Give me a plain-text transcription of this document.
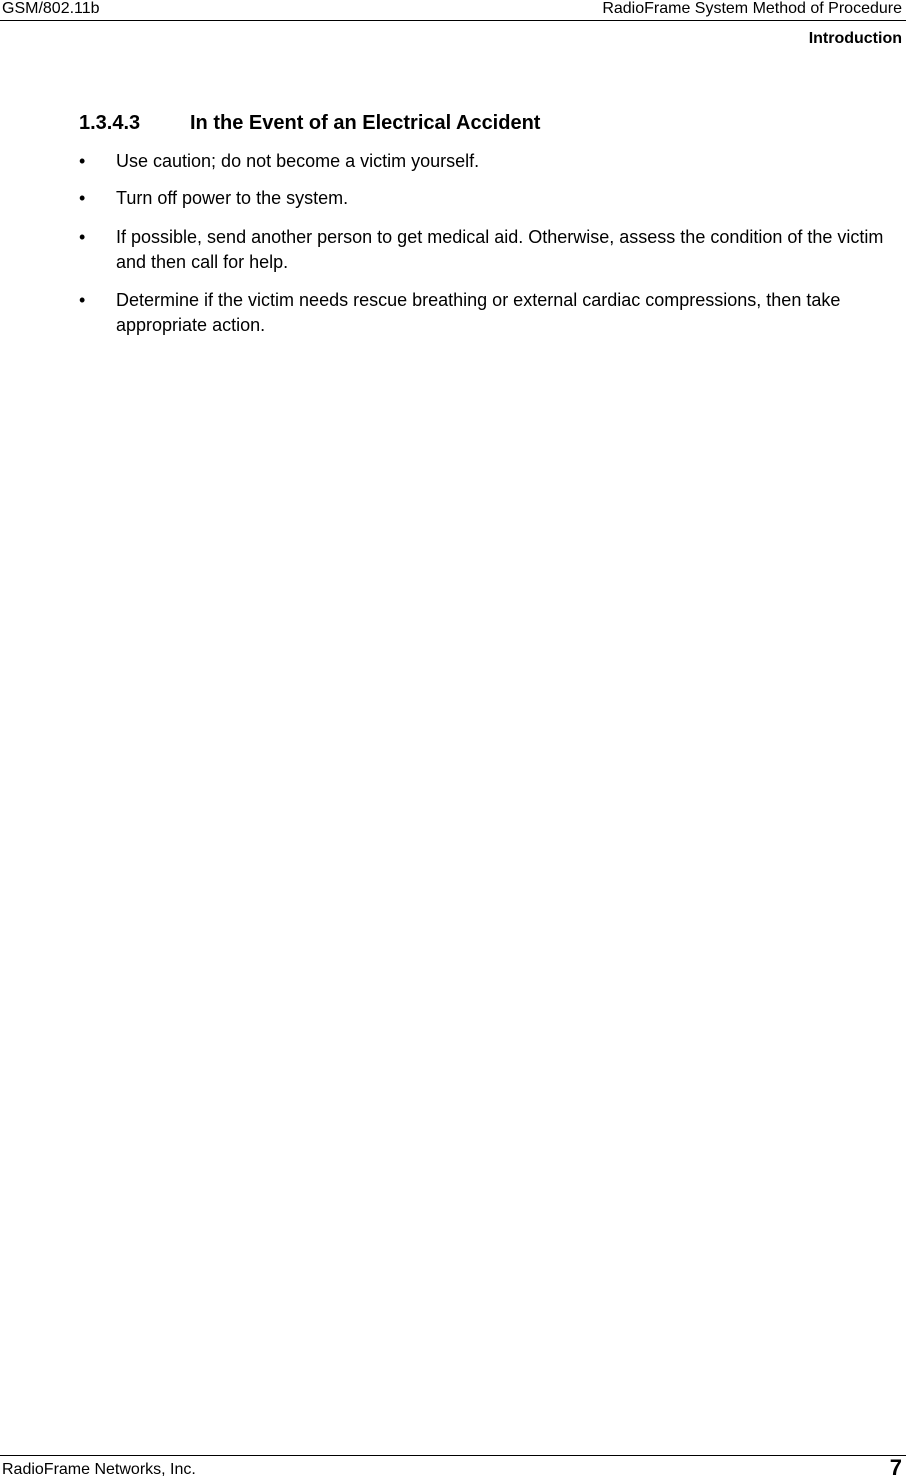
GSM/802.11b	RadioFrame System Method of Procedure
Introduction
1.3.4.3 In the Event of an Electrical Accident
•	Use caution; do not become a victim yourself.
•	Turn off power to the system.
•	If possible, send another person to get medical aid. Otherwise, assess the condition of the victim and then call for help.
•	Determine if the victim needs rescue breathing or external cardiac compressions, then take appropriate action.
RadioFrame Networks, Inc.	7
